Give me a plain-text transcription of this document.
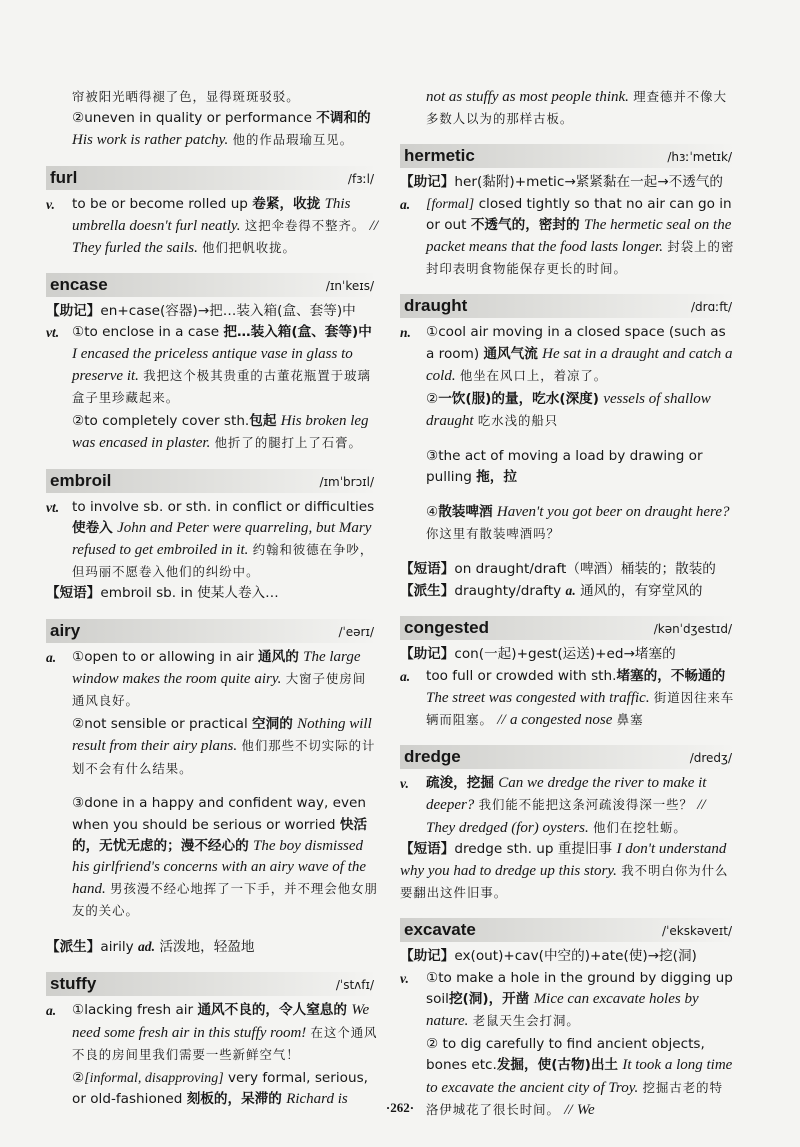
帘被阳光晒得褪了色，显得斑斑驳驳。

②uneven in quality or performance 不调和的
His work is rather patchy. 他的作品瑕瑜互见。

furl	/fɜːl/
v.	to be or become rolled up 卷紧，收拢 This umbrella doesn't furl neatly. 这把伞卷得不整齐。 // They furled the sails. 他们把帆收拢。
encase	/ɪnˈkeɪs/

【助记】en+case(容器)→把…装入箱(盒、套等)中

vt. ①to enclose in a case 把…装入箱(盒、套等)中 I encased the priceless antique vase in glass to preserve it. 我把这个极其贵重的古董花瓶置于玻璃盒子里珍藏起来。

②to completely cover sth.包起 His broken leg was encased in plaster. 他折了的腿打上了石膏。

embroil	/ɪmˈbrɔɪl/
vt. to involve sb. or sth. in conflict or difficulties 使卷入 John and Peter were quarreling, but Mary refused to get embroiled in it. 约翰和彼德在争吵，但玛丽不愿卷入他们的纠纷中。

【短语】embroil sb. in 使某人卷入…

airy	/ˈeərɪ/
a.	①open to or allowing in air 通风的 The large window makes the room quite airy. 大窗子使房间通风良好。

②not sensible or practical 空洞的 Nothing will result from their airy plans. 他们那些不切实际的计划不会有什么结果。

③done in a happy and confident way, even when you should be serious or worried 快活的，无忧无虑的；漫不经心的 The boy dismissed his girlfriend's concerns with an airy wave of the hand. 男孩漫不经心地挥了一下手，并不理会他女朋友的关心。

【派生】airily ad. 活泼地，轻盈地

stuffy	/ˈstʌfɪ/
a.	①lacking fresh air 通风不良的，令人窒息的 We need some fresh air in this stuffy room! 在这个通风不良的房间里我们需要一些新鲜空气！

②[informal, disapproving] very formal, serious, or old-fashioned 刻板的，呆滞的 Richard is

not as stuffy as most people think. 理查德并不像大多数人以为的那样古板。

hermetic	/hɜːˈmetɪk/

【助记】her(黏附)+metic→紧紧黏在一起→不透气的

a.	[formal] closed tightly so that no air can go in or out 不透气的，密封的 The hermetic seal on the packet means that the food lasts longer. 封袋上的密封印表明食物能保存更长的时间。
draught	/drɑːft/
n.	①cool air moving in a closed space (such as a room) 通风气流 He sat in a draught and catch a cold. 他坐在风口上，着凉了。

②一饮(服)的量，吃水(深度) vessels of shallow draught 吃水浅的船只

③the act of moving a load by drawing or pulling 拖，拉

④散装啤酒 Haven't you got beer on draught here? 你这里有散装啤酒吗？

【短语】on draught/draft（啤酒）桶装的；散装的

【派生】draughty/drafty a. 通风的，有穿堂风的

congested	/kənˈdʒestɪd/

【助记】con(一起)+gest(运送)+ed→堵塞的

a.	too full or crowded with sth.堵塞的，不畅通的 The street was congested with traffic. 街道因往来车辆而阻塞。 // a congested nose 鼻塞
dredge	/dredʒ/
v.	疏浚，挖掘 Can we dredge the river to make it deeper? 我们能不能把这条河疏浚得深一些？ // They dredged (for) oysters. 他们在挖牡蛎。

【短语】dredge sth. up 重提旧事 I don't understand why you had to dredge up this story. 我不明白你为什么要翻出这件旧事。

excavate	/ˈekskəveɪt/

【助记】ex(out)+cav(中空的)+ate(使)→挖(洞)

v.	①to make a hole in the ground by digging up soil挖(洞)，开凿 Mice can excavate holes by nature. 老鼠天生会打洞。

② to dig carefully to find ancient objects, bones etc.发掘，使(古物)出土 It took a long time to excavate the ancient city of Troy. 挖掘古老的特洛伊城花了很长时间。 // We

·262·
